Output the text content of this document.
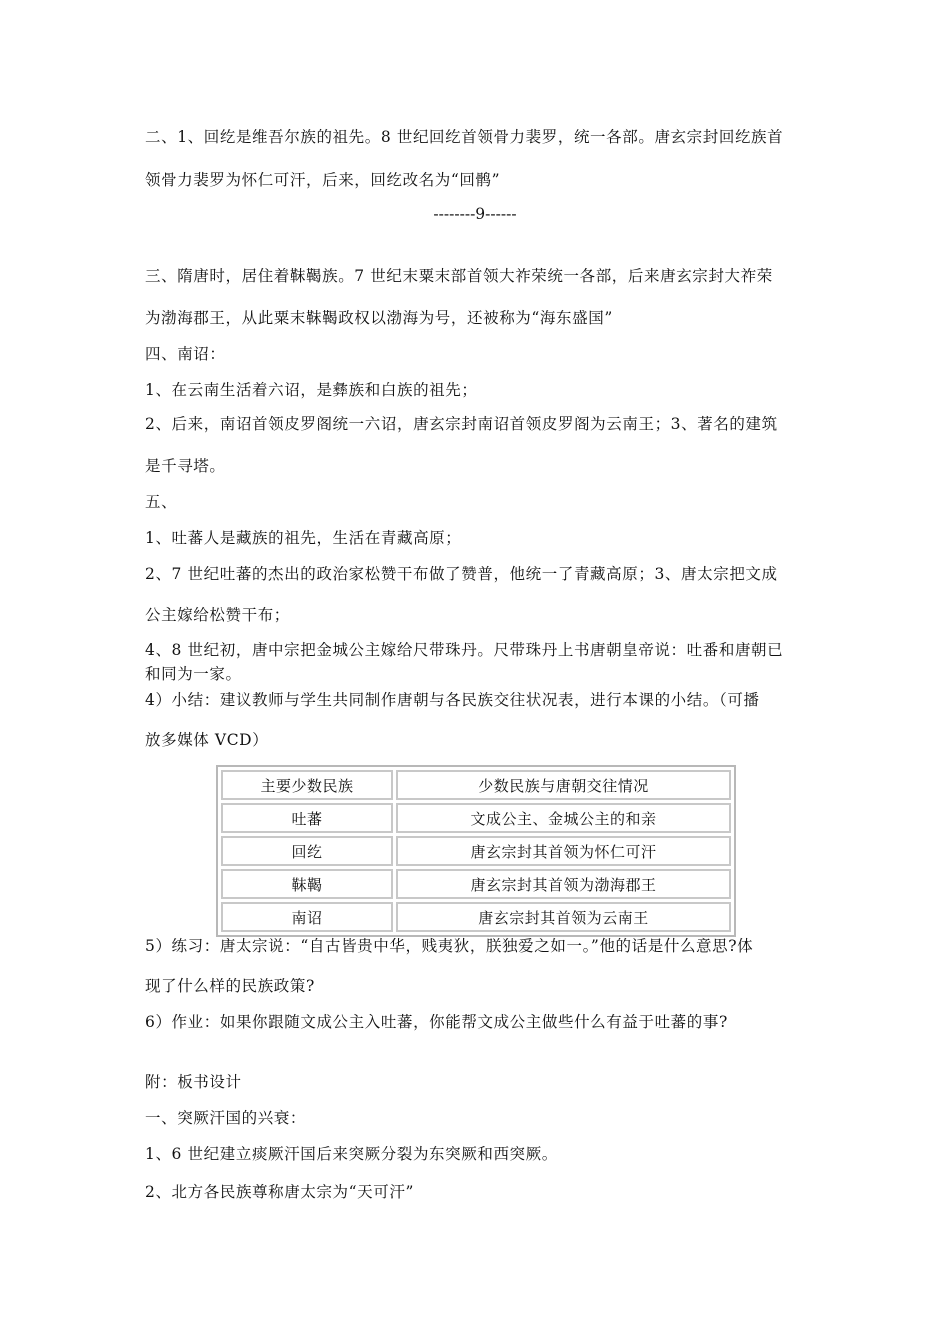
二、1、回纥是维吾尔族的祖先。8 世纪回纥首领骨力裴罗，统一各部。唐玄宗封回纥族首
领骨力裴罗为怀仁可汗，后来，回纥改名为“回鹘”
--------9------
三、隋唐时，居住着靺鞨族。7 世纪末粟末部首领大祚荣统一各部，后来唐玄宗封大祚荣
为渤海郡王，从此粟末靺鞨政权以渤海为号，还被称为“海东盛国”
四、南诏：
1、在云南生活着六诏，是彝族和白族的祖先；
2、后来，南诏首领皮罗阁统一六诏，唐玄宗封南诏首领皮罗阁为云南王；3、著名的建筑
是千寻塔。
五、
1、吐蕃人是藏族的祖先，生活在青藏高原；
2、7 世纪吐蕃的杰出的政治家松赞干布做了赞普，他统一了青藏高原；3、唐太宗把文成
公主嫁给松赞干布；
4、8 世纪初，唐中宗把金城公主嫁给尺带珠丹。尺带珠丹上书唐朝皇帝说：吐番和唐朝已
和同为一家。
4）小结：建议教师与学生共同制作唐朝与各民族交往状况表，进行本课的小结。（可播
放多媒体 VCD）
主要少数民族	少数民族与唐朝交往情况
吐蕃	文成公主、金城公主的和亲
回纥	唐玄宗封其首领为怀仁可汗
靺鞨	唐玄宗封其首领为渤海郡王
南诏	唐玄宗封其首领为云南王
5）练习：唐太宗说：“自古皆贵中华，贱夷狄，朕独爱之如一。”他的话是什么意思?体
现了什么样的民族政策?
6）作业：如果你跟随文成公主入吐蕃，你能帮文成公主做些什么有益于吐蕃的事?
附：板书设计
一、突厥汗国的兴衰：
1、6 世纪建立痰厥汗国后来突厥分裂为东突厥和西突厥。
2、北方各民族尊称唐太宗为“天可汗”
